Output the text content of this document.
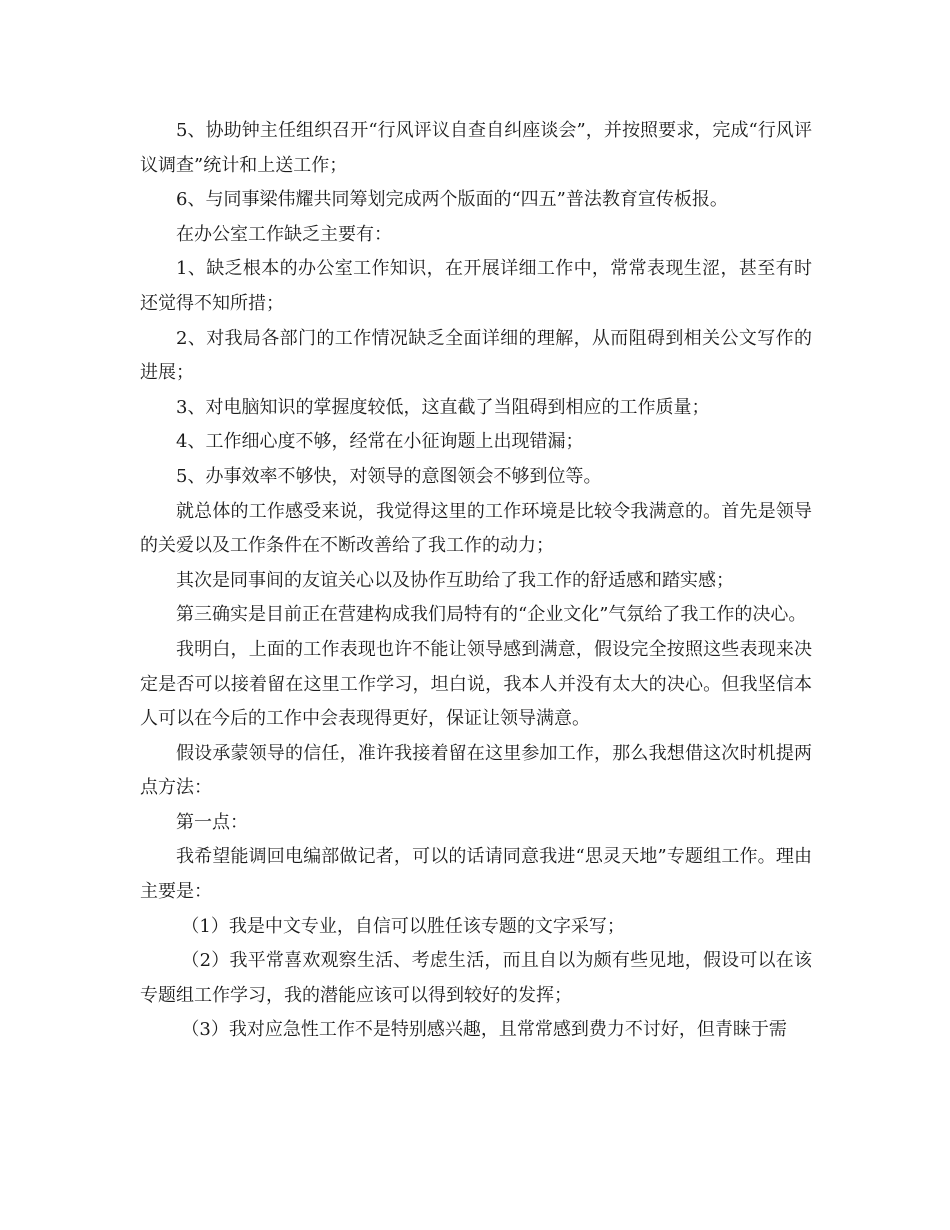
5、协助钟主任组织召开“行风评议自查自纠座谈会”，并按照要求，完成“行风评议调查”统计和上送工作；

6、与同事梁伟耀共同筹划完成两个版面的“四五”普法教育宣传板报。

在办公室工作缺乏主要有：

1、缺乏根本的办公室工作知识，在开展详细工作中，常常表现生涩，甚至有时还觉得不知所措；

2、对我局各部门的工作情况缺乏全面详细的理解，从而阻碍到相关公文写作的进展；

3、对电脑知识的掌握度较低，这直截了当阻碍到相应的工作质量；

4、工作细心度不够，经常在小征询题上出现错漏；

5、办事效率不够快，对领导的意图领会不够到位等。

就总体的工作感受来说，我觉得这里的工作环境是比较令我满意的。首先是领导的关爱以及工作条件在不断改善给了我工作的动力；

其次是同事间的友谊关心以及协作互助给了我工作的舒适感和踏实感；

第三确实是目前正在营建构成我们局特有的“企业文化”气氛给了我工作的决心。

我明白，上面的工作表现也许不能让领导感到满意，假设完全按照这些表现来决定是否可以接着留在这里工作学习，坦白说，我本人并没有太大的决心。但我坚信本人可以在今后的工作中会表现得更好，保证让领导满意。

假设承蒙领导的信任，准许我接着留在这里参加工作，那么我想借这次时机提两点方法：

第一点：

我希望能调回电编部做记者，可以的话请同意我进“思灵天地”专题组工作。理由主要是：

（1）我是中文专业，自信可以胜任该专题的文字采写；

（2）我平常喜欢观察生活、考虑生活，而且自以为颇有些见地，假设可以在该专题组工作学习，我的潜能应该可以得到较好的发挥；

（3）我对应急性工作不是特别感兴趣，且常常感到费力不讨好，但青睐于需
